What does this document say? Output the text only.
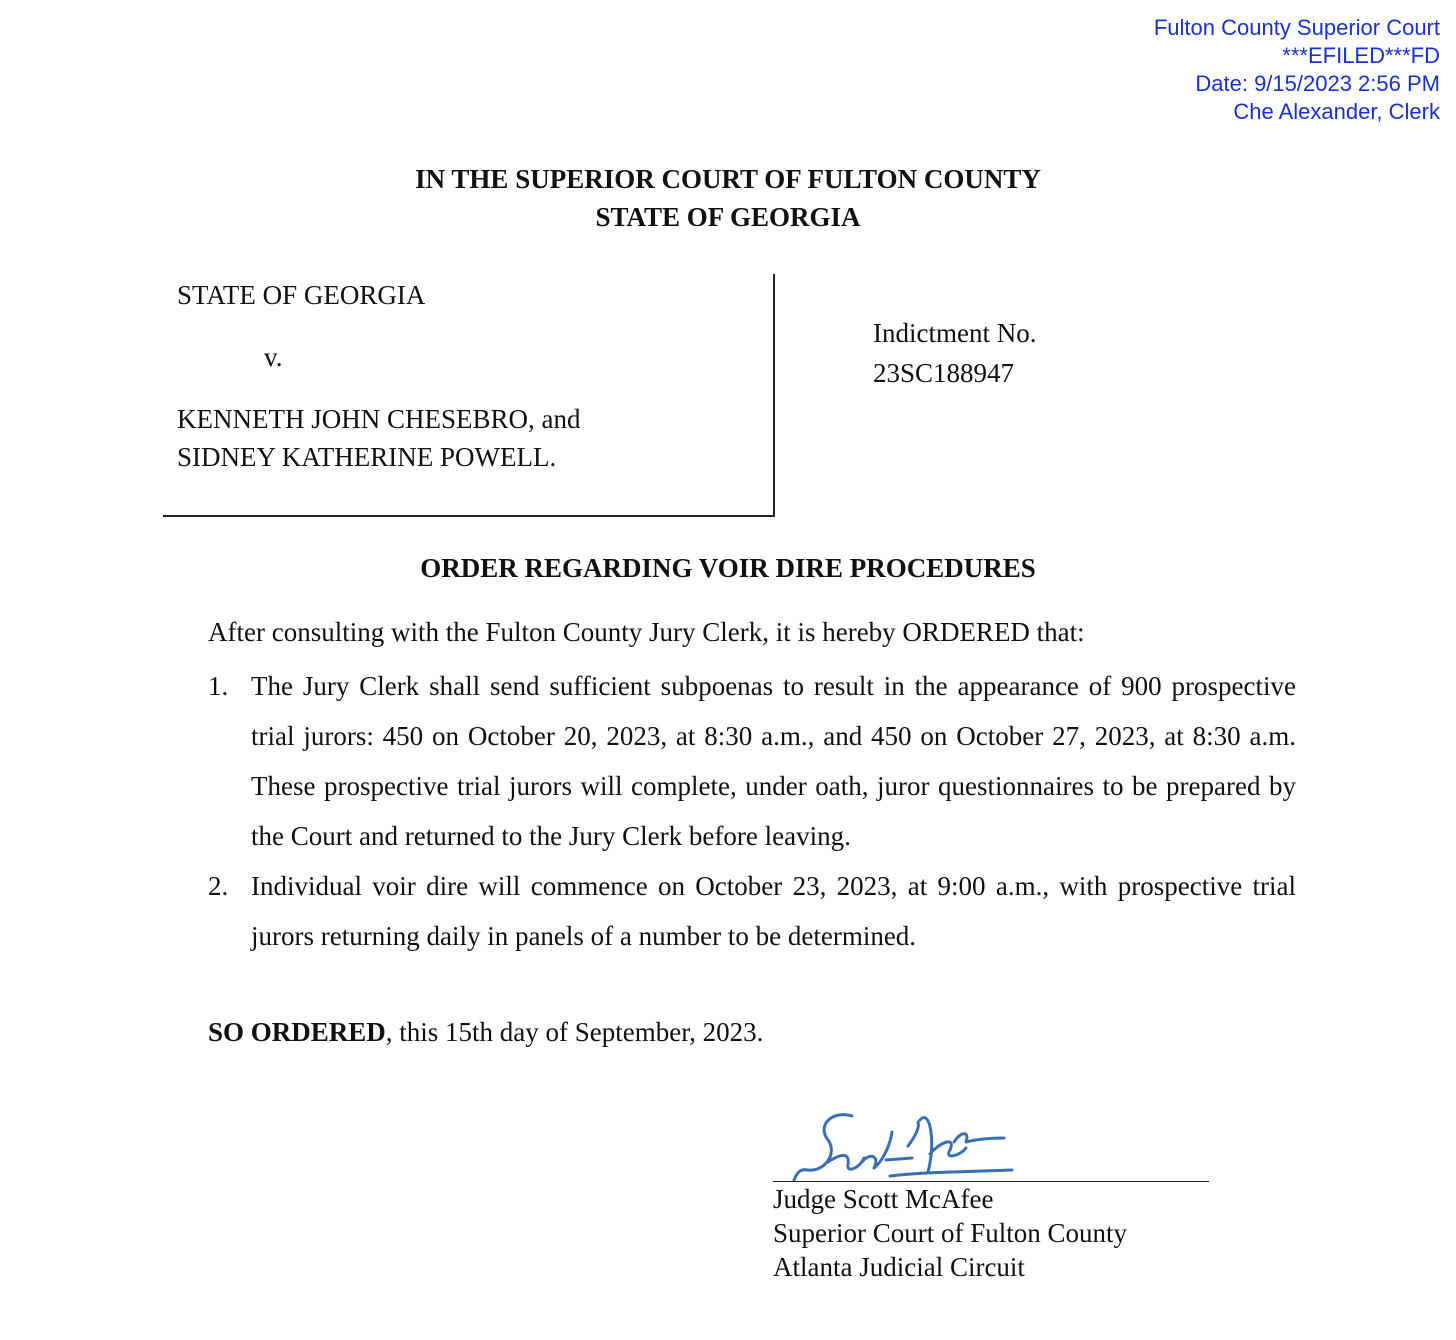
Fulton County Superior Court
***EFILED***FD
Date: 9/15/2023 2:56 PM
Che Alexander, Clerk
IN THE SUPERIOR COURT OF FULTON COUNTY
STATE OF GEORGIA
STATE OF GEORGIA
v.
KENNETH JOHN CHESEBRO, and
SIDNEY KATHERINE POWELL.
Indictment No.
23SC188947
ORDER REGARDING VOIR DIRE PROCEDURES
After consulting with the Fulton County Jury Clerk, it is hereby ORDERED that:
1. The Jury Clerk shall send sufficient subpoenas to result in the appearance of 900 prospective trial jurors: 450 on October 20, 2023, at 8:30 a.m., and 450 on October 27, 2023, at 8:30 a.m. These prospective trial jurors will complete, under oath, juror questionnaires to be prepared by the Court and returned to the Jury Clerk before leaving.
2. Individual voir dire will commence on October 23, 2023, at 9:00 a.m., with prospective trial jurors returning daily in panels of a number to be determined.
SO ORDERED, this 15th day of September, 2023.
Judge Scott McAfee
Superior Court of Fulton County
Atlanta Judicial Circuit
